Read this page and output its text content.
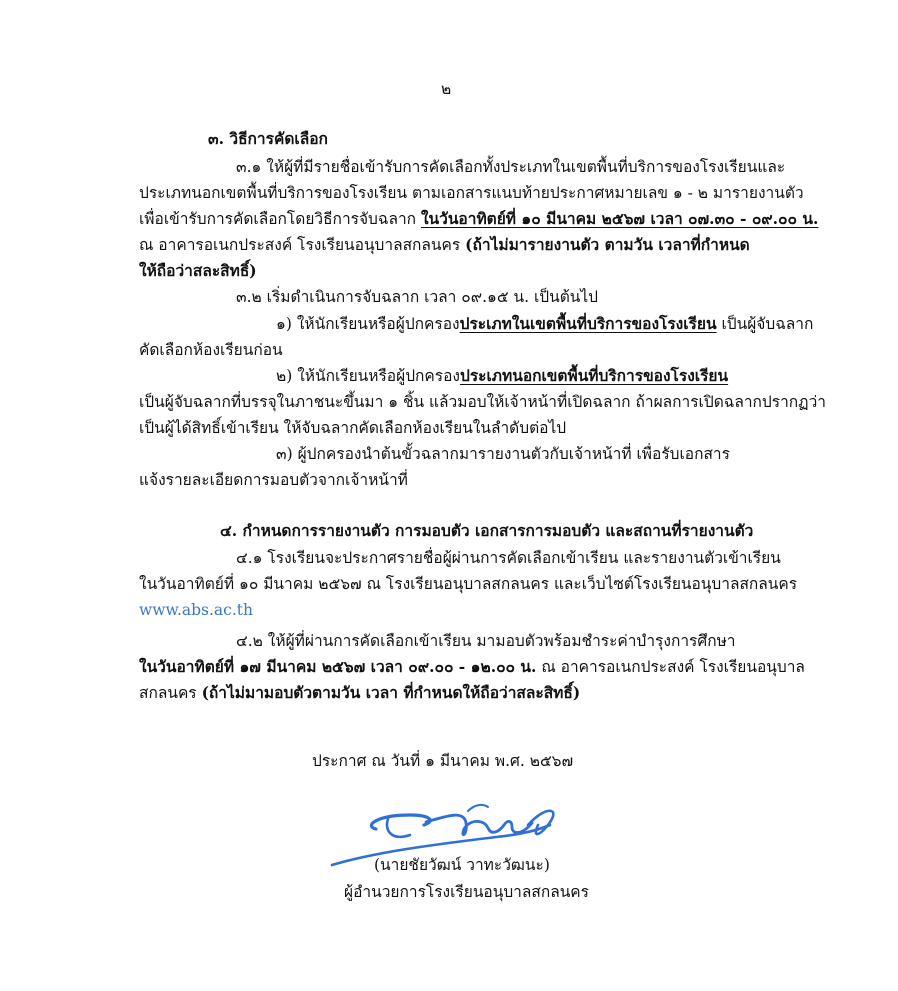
๒
๓. วิธีการคัดเลือก
๓.๑ ให้ผู้ที่มีรายชื่อเข้ารับการคัดเลือกทั้งประเภทในเขตพื้นที่บริการของโรงเรียนและ
ประเภทนอกเขตพื้นที่บริการของโรงเรียน ตามเอกสารแนบท้ายประกาศหมายเลข ๑ - ๒ มารายงานตัว
เพื่อเข้ารับการคัดเลือกโดยวิธีการจับฉลาก ในวันอาทิตย์ที่ ๑๐ มีนาคม ๒๕๖๗ เวลา ๐๗.๓๐ - ๐๙.๐๐ น.
ณ อาคารอเนกประสงค์ โรงเรียนอนุบาลสกลนคร (ถ้าไม่มารายงานตัว ตามวัน เวลาที่กำหนด
ให้ถือว่าสละสิทธิ์)
๓.๒ เริ่มดำเนินการจับฉลาก เวลา ๐๙.๑๕ น. เป็นต้นไป
๑) ให้นักเรียนหรือผู้ปกครองประเภทในเขตพื้นที่บริการของโรงเรียน เป็นผู้จับฉลาก
คัดเลือกห้องเรียนก่อน
๒) ให้นักเรียนหรือผู้ปกครองประเภทนอกเขตพื้นที่บริการของโรงเรียน
เป็นผู้จับฉลากที่บรรจุในภาชนะขึ้นมา ๑ ชิ้น แล้วมอบให้เจ้าหน้าที่เปิดฉลาก ถ้าผลการเปิดฉลากปรากฏว่า
เป็นผู้ได้สิทธิ์เข้าเรียน ให้จับฉลากคัดเลือกห้องเรียนในลำดับต่อไป
๓) ผู้ปกครองนำต้นขั้วฉลากมารายงานตัวกับเจ้าหน้าที่ เพื่อรับเอกสาร
แจ้งรายละเอียดการมอบตัวจากเจ้าหน้าที่
๔. กำหนดการรายงานตัว การมอบตัว เอกสารการมอบตัว และสถานที่รายงานตัว
๔.๑ โรงเรียนจะประกาศรายชื่อผู้ผ่านการคัดเลือกเข้าเรียน และรายงานตัวเข้าเรียน
ในวันอาทิตย์ที่ ๑๐ มีนาคม ๒๕๖๗ ณ โรงเรียนอนุบาลสกลนคร และเว็บไซต์โรงเรียนอนุบาลสกลนคร
www.abs.ac.th
๔.๒ ให้ผู้ที่ผ่านการคัดเลือกเข้าเรียน มามอบตัวพร้อมชำระค่าบำรุงการศึกษา
ในวันอาทิตย์ที่ ๑๗ มีนาคม ๒๕๖๗ เวลา ๐๙.๐๐ - ๑๒.๐๐ น. ณ อาคารอเนกประสงค์ โรงเรียนอนุบาล
สกลนคร (ถ้าไม่มามอบตัวตามวัน เวลา ที่กำหนดให้ถือว่าสละสิทธิ์)
ประกาศ ณ วันที่ ๑ มีนาคม พ.ศ. ๒๕๖๗
(นายชัยวัฒน์ วาทะวัฒนะ)
ผู้อำนวยการโรงเรียนอนุบาลสกลนคร
